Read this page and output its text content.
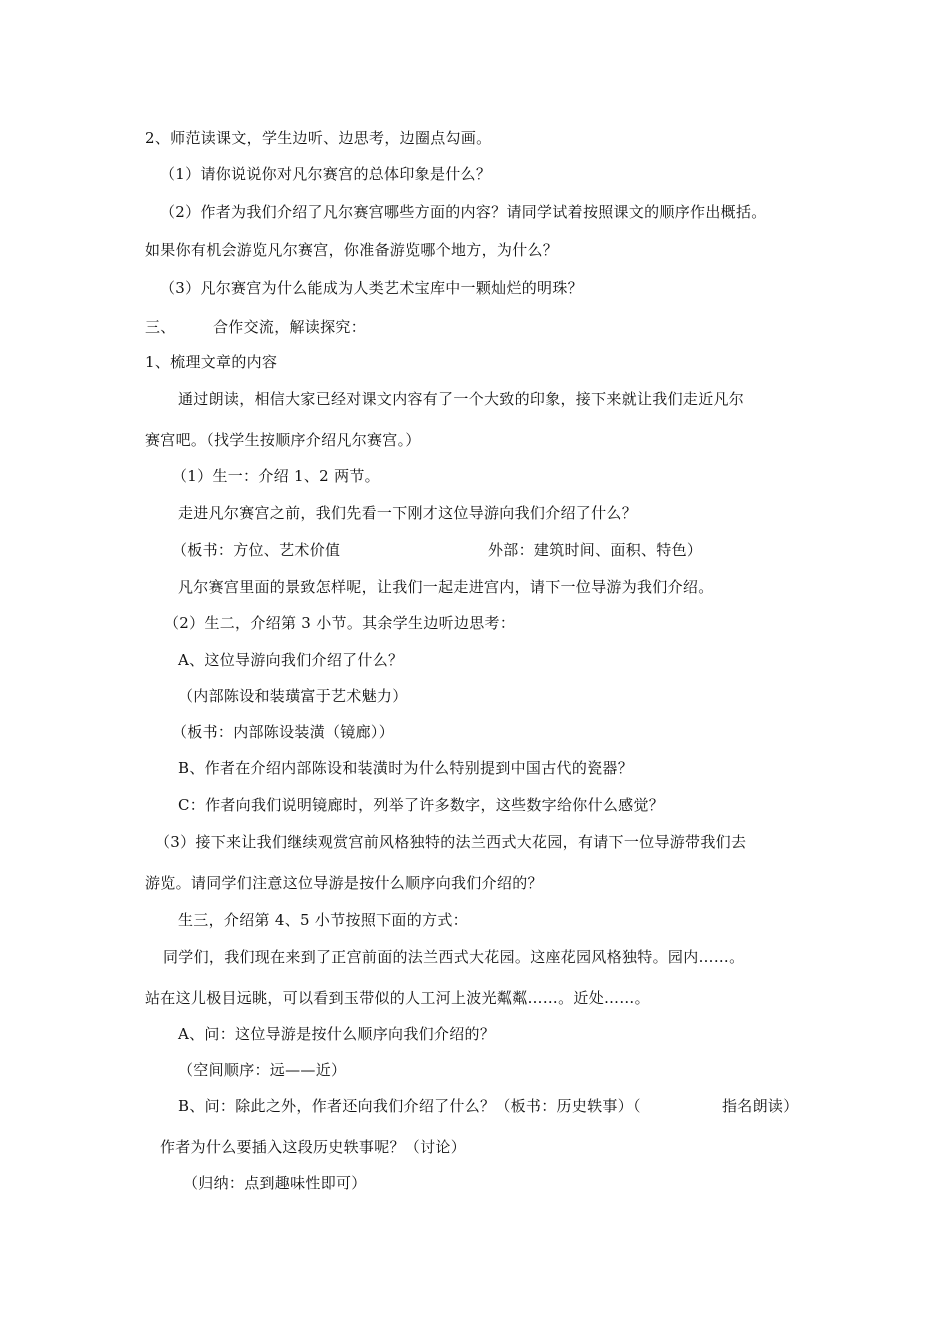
2、师范读课文，学生边听、边思考，边圈点勾画。
（1）请你说说你对凡尔赛宫的总体印象是什么？
（2）作者为我们介绍了凡尔赛宫哪些方面的内容？请同学试着按照课文的顺序作出概括。
如果你有机会游览凡尔赛宫，你准备游览哪个地方，为什么？
（3）凡尔赛宫为什么能成为人类艺术宝库中一颗灿烂的明珠？
三、 合作交流，解读探究：
1、梳理文章的内容
通过朗读，相信大家已经对课文内容有了一个大致的印象，接下来就让我们走近凡尔
赛宫吧。（找学生按顺序介绍凡尔赛宫。）
（1）生一：介绍 1、2 两节。
走进凡尔赛宫之前，我们先看一下刚才这位导游向我们介绍了什么？
（板书：方位、艺术价值	外部：建筑时间、面积、特色）
凡尔赛宫里面的景致怎样呢，让我们一起走进宫内，请下一位导游为我们介绍。
（2）生二，介绍第 3 小节。其余学生边听边思考：
A、这位导游向我们介绍了什么？
（内部陈设和装璜富于艺术魅力）
（板书：内部陈设装潢（镜廊））
B、作者在介绍内部陈设和装潢时为什么特别提到中国古代的瓷器？
C：作者向我们说明镜廊时，列举了许多数字，这些数字给你什么感觉？
（3）接下来让我们继续观赏宫前风格独特的法兰西式大花园，有请下一位导游带我们去
游览。请同学们注意这位导游是按什么顺序向我们介绍的？
生三，介绍第 4、5 小节按照下面的方式：
同学们，我们现在来到了正宫前面的法兰西式大花园。这座花园风格独特。园内……。
站在这儿极目远眺，可以看到玉带似的人工河上波光粼粼……。近处……。
A、问：这位导游是按什么顺序向我们介绍的？
（空间顺序：远——近）
B、问：除此之外，作者还向我们介绍了什么？（板书：历史轶事）（	指名朗读）
作者为什么要插入这段历史轶事呢？（讨论）
（归纳：点到趣味性即可）
